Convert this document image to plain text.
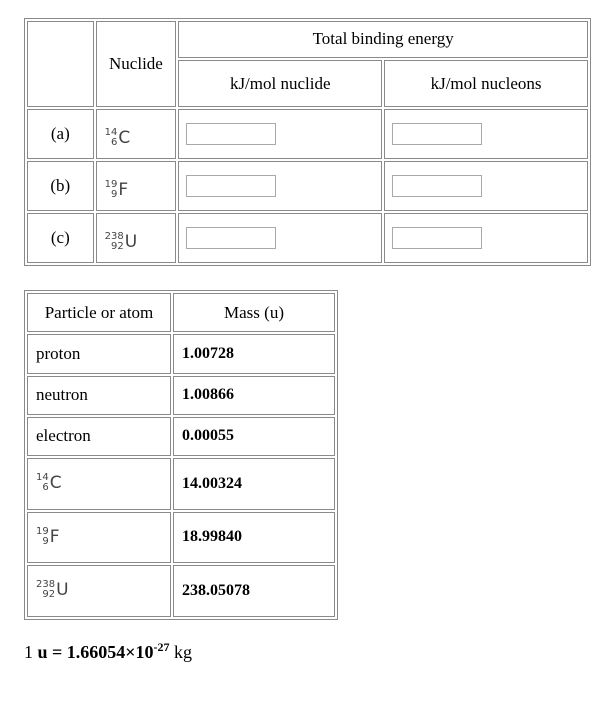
	Nuclide	Total binding energy	
		kJ/mol nuclide	kJ/mol nucleons
(a)	14
6 C

(b)	19
9 F

(c)	238
92 U

Particle or atom	Mass (u)
proton	1.00728
neutron	1.00866
electron	0.00055

14
6 C	14.00324

19
9 F	18.99840

238
92 U	238.05078
1 $u = 1.66054\times 10^{-27}$ kg
